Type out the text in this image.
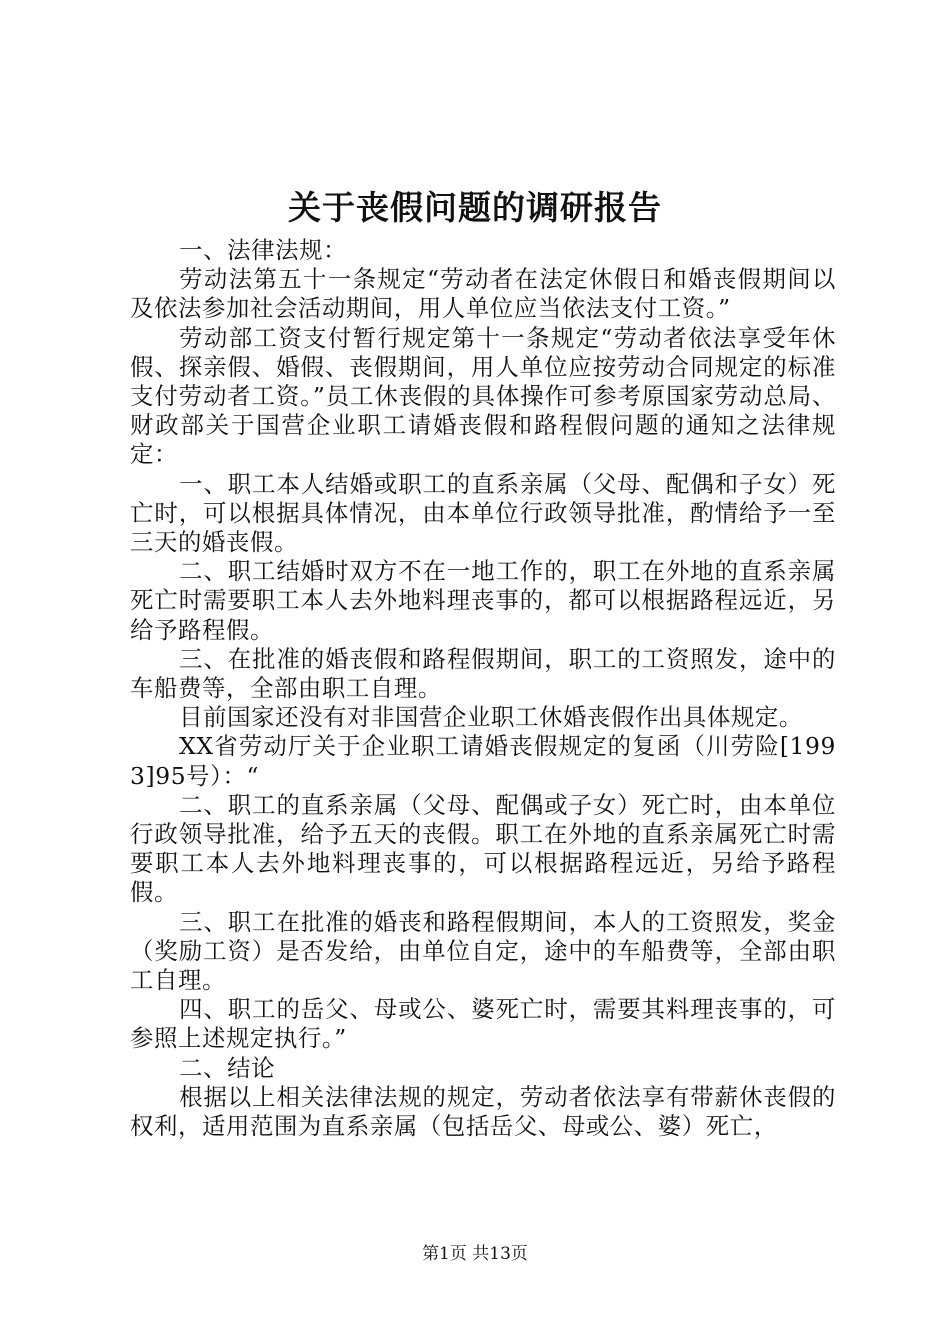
关于丧假问题的调研报告

一、法律法规：

劳动法第五十一条规定“劳动者在法定休假日和婚丧假期间以及依法参加社会活动期间，用人单位应当依法支付工资。”

劳动部工资支付暂行规定第十一条规定“劳动者依法享受年休假、探亲假、婚假、丧假期间，用人单位应按劳动合同规定的标准支付劳动者工资。”员工休丧假的具体操作可参考原国家劳动总局、财政部关于国营企业职工请婚丧假和路程假问题的通知之法律规定：

一、职工本人结婚或职工的直系亲属（父母、配偶和子女）死亡时，可以根据具体情况，由本单位行政领导批准，酌情给予一至三天的婚丧假。

二、职工结婚时双方不在一地工作的，职工在外地的直系亲属死亡时需要职工本人去外地料理丧事的，都可以根据路程远近，另给予路程假。

三、在批准的婚丧假和路程假期间，职工的工资照发，途中的车船费等，全部由职工自理。

目前国家还没有对非国营企业职工休婚丧假作出具体规定。

XX省劳动厅关于企业职工请婚丧假规定的复函（川劳险[1993]95号）：“

二、职工的直系亲属（父母、配偶或子女）死亡时，由本单位行政领导批准，给予五天的丧假。职工在外地的直系亲属死亡时需要职工本人去外地料理丧事的，可以根据路程远近，另给予路程假。

三、职工在批准的婚丧和路程假期间，本人的工资照发，奖金（奖励工资）是否发给，由单位自定，途中的车船费等，全部由职工自理。

四、职工的岳父、母或公、婆死亡时，需要其料理丧事的，可参照上述规定执行。”

二、结论

根据以上相关法律法规的规定，劳动者依法享有带薪休丧假的权利，适用范围为直系亲属（包括岳父、母或公、婆）死亡，

第1页 共13页
